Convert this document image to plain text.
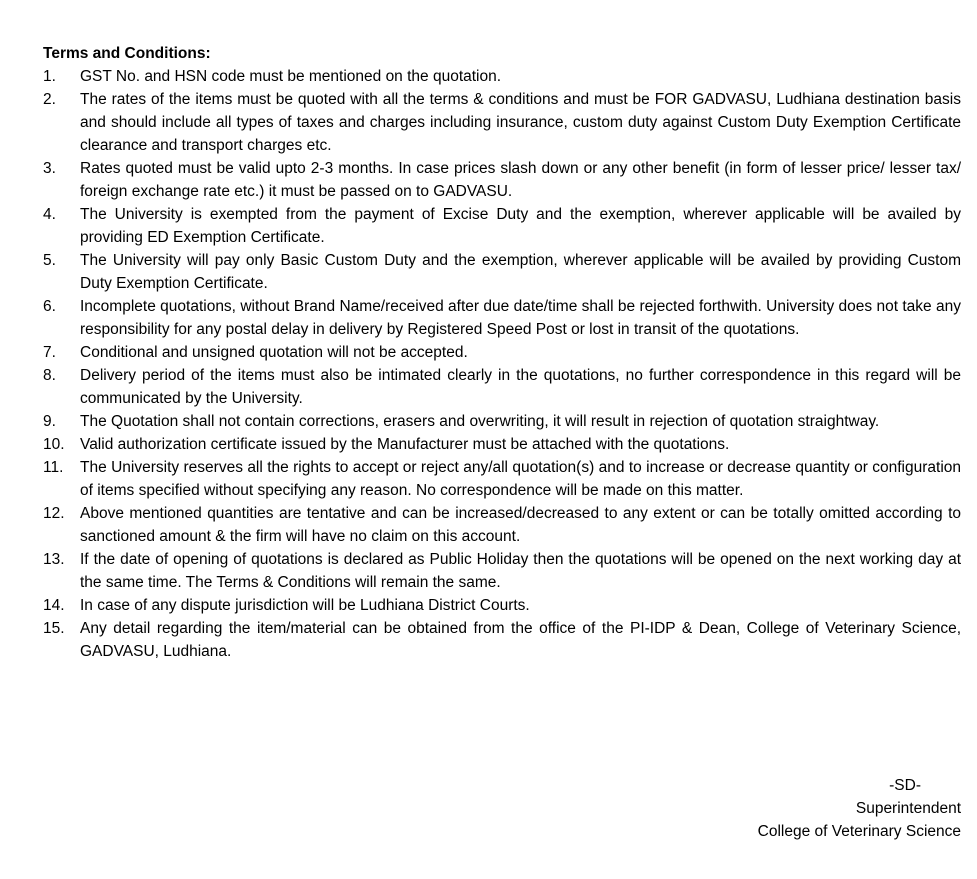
Terms and Conditions:
1.	GST No. and HSN code must be mentioned on the quotation.
2.	The rates of the items must be quoted with all the terms & conditions and must be FOR GADVASU, Ludhiana destination basis and should include all types of taxes and charges including insurance, custom duty against Custom Duty Exemption Certificate clearance and transport charges etc.
3.	Rates quoted must be valid upto 2-3 months. In case prices slash down or any other benefit (in form of lesser price/ lesser tax/ foreign exchange rate etc.) it must be passed on to GADVASU.
4.	The University is exempted from the payment of Excise Duty and the exemption, wherever applicable will be availed by providing ED Exemption Certificate.
5.	The University will pay only Basic Custom Duty and the exemption, wherever applicable will be availed by providing Custom Duty Exemption Certificate.
6.	Incomplete quotations, without Brand Name/received after due date/time shall be rejected forthwith. University does not take any responsibility for any postal delay in delivery by Registered Speed Post or lost in transit of the quotations.
7.	Conditional and unsigned quotation will not be accepted.
8.	Delivery period of the items must also be intimated clearly in the quotations, no further correspondence in this regard will be communicated by the University.
9.	The Quotation shall not contain corrections, erasers and overwriting, it will result in rejection of quotation straightway.
10. Valid authorization certificate issued by the Manufacturer must be attached with the quotations.
11.	The University reserves all the rights to accept or reject any/all quotation(s) and to increase or decrease quantity or configuration of items specified without specifying any reason. No correspondence will be made on this matter.
12. Above mentioned quantities are tentative and can be increased/decreased to any extent or can be totally omitted according to sanctioned amount & the firm will have no claim on this account.
13. If the date of opening of quotations is declared as Public Holiday then the quotations will be opened on the next working day at the same time. The Terms & Conditions will remain the same.
14. In case of any dispute jurisdiction will be Ludhiana District Courts.
15. Any detail regarding the item/material can be obtained from the office of the PI-IDP & Dean, College of Veterinary Science, GADVASU, Ludhiana.
-SD-
Superintendent
College of Veterinary Science
